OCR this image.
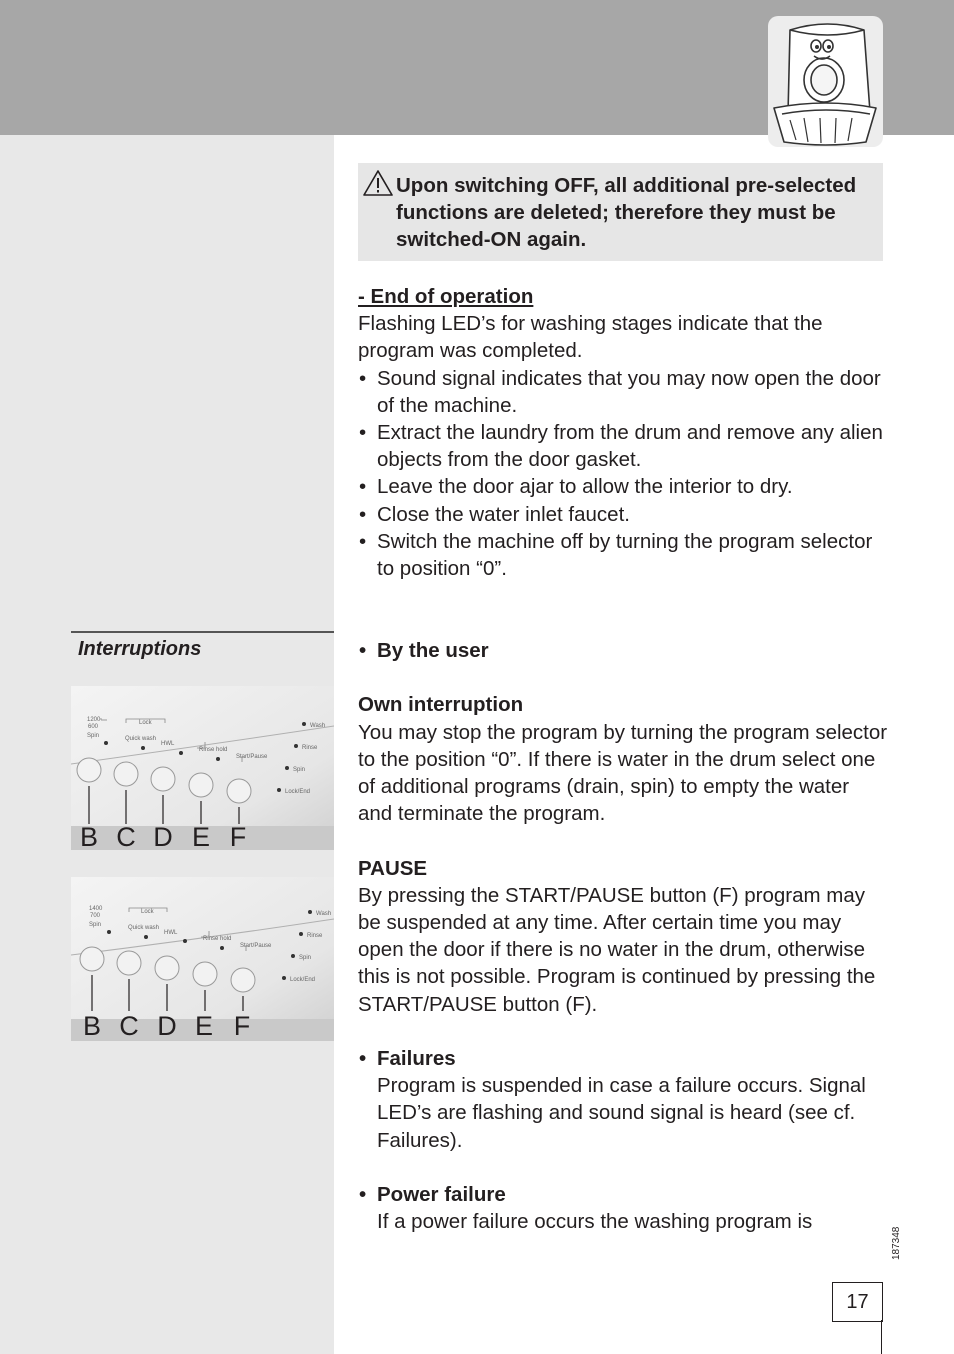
Upon switching OFF, all additional pre-selected functions are deleted; therefore they must be switched-ON again.

- End of operation

Flashing LED’s for washing stages indicate that the program was completed.

• Sound signal indicates that you may now open the door of the machine.
• Extract the laundry from the drum and remove any alien objects from the door gasket.
• Leave the door ajar to allow the interior to dry.
• Close the water inlet faucet.
• Switch the machine off by turning the program selector to position “0”.
Interruptions

•	By the user

Own interruption

You may stop the program by turning the program selector to the position “0”. If there is water in the drum select one of additional programs (drain, spin) to empty the water and terminate the program.

PAUSE

By pressing the START/PAUSE button (F) program may be suspended at any time. After certain time you may open the door if there is no water in the drum, otherwise this is not possible. Program is continued by pressing the START/PAUSE button (F).

• Failures

Program is suspended in case a failure occurs. Signal LED’s are flashing and sound signal is heard (see cf. Failures).

• Power failure

If a power failure occurs the washing program is

1200
600
Spin
Lock
Quick wash
HWL
Rinse hold
Start/Pause
Wash
Rinse
Spin
Lock/End
B C D E F
1400
700
Spin
Lock
Quick wash
HWL
Rinse hold
Start/Pause
Wash
Rinse
Spin
Lock/End
B C D E F
187348
17
